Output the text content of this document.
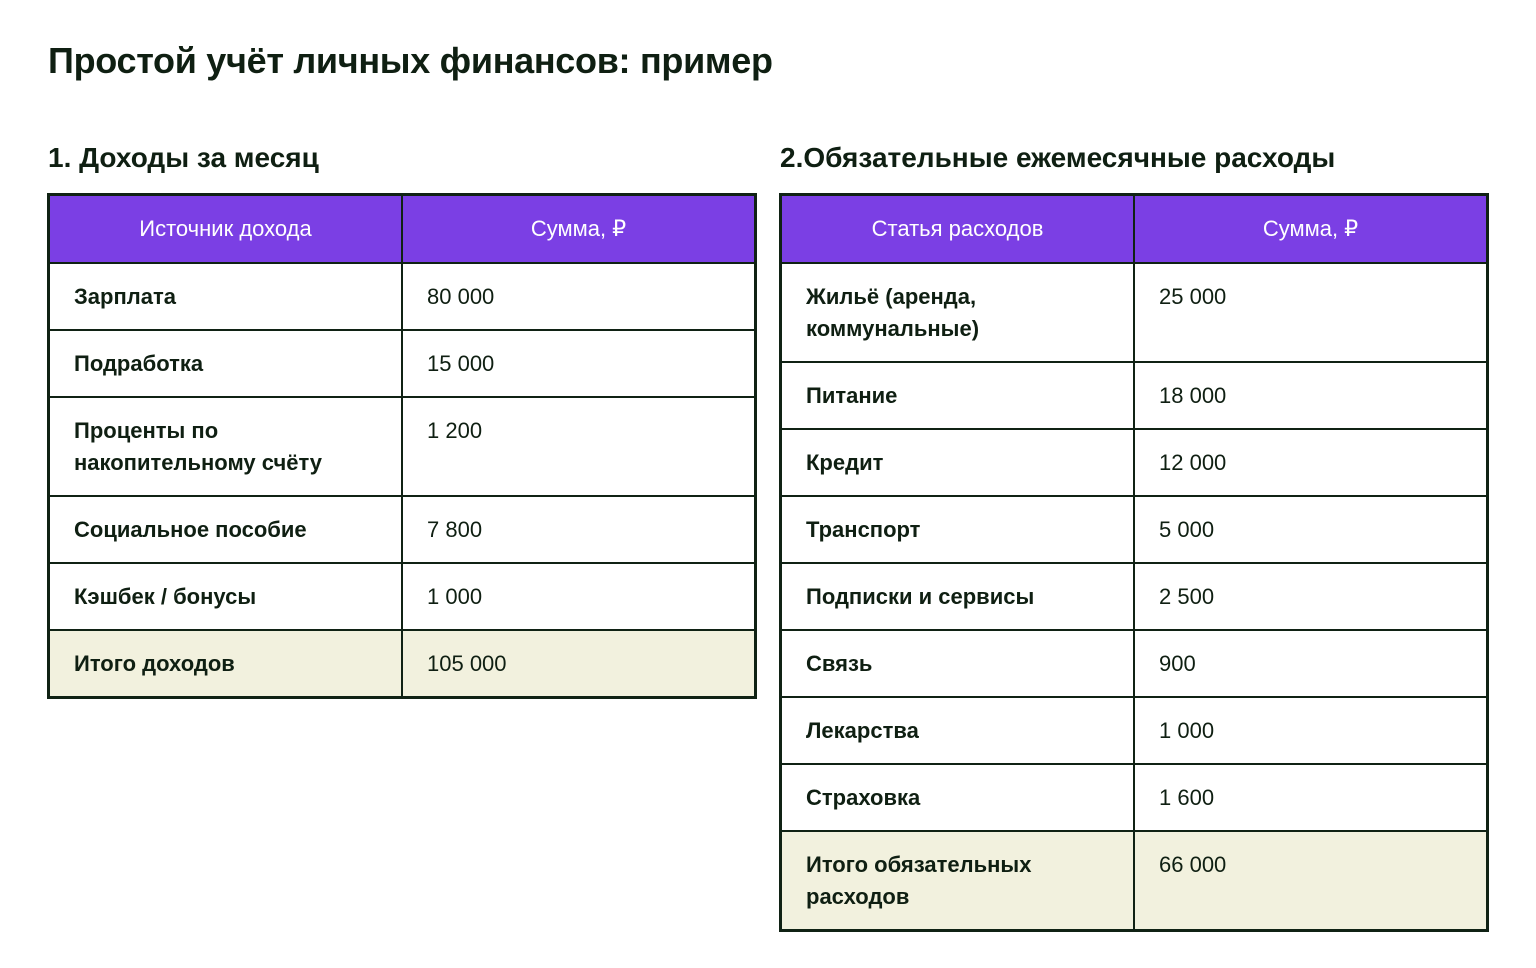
Простой учёт личных финансов: пример
1. Доходы за месяц	2.Обязательные ежемесячные расходы
Источник дохода	Сумма, ₽
Зарплата	80 000
Подработка	15 000
Проценты по накопительному счёту	1 200
Социальное пособие	7 800
Кэшбек / бонусы	1 000
Итого доходов	105 000
Статья расходов	Сумма, ₽
Жильё (аренда, коммунальные)	25 000
Питание	18 000
Кредит	12 000
Транспорт	5 000
Подписки и сервисы	2 500
Связь	900
Лекарства	1 000
Страховка	1 600
Итого обязательных расходов	66 000
